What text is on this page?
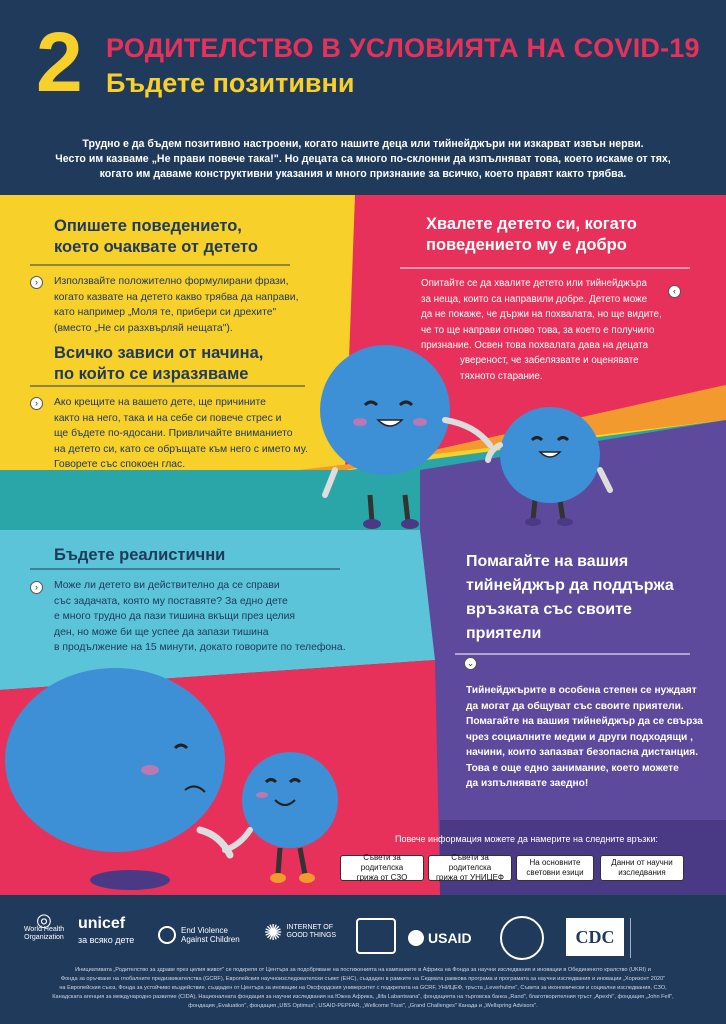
2 РОДИТЕЛСТВО В УСЛОВИЯТА НА COVID-19
Бъдете позитивни
Трудно е да бъдем позитивно настроени, когато нашите деца или тийнейджъри ни изкарват извън нерви.
Често им казваме „Не прави повече така!". Но децата са много по-склонни да изпълняват това, което искаме от тях,
когато им даваме конструктивни указания и много признание за всичко, което правят както трябва.
Опишете поведението,
което очаквате от детето
›	Използвайте положително формулирани фрази,
когато казвате на детето какво трябва да направи,
като например „Моля те, прибери си дрехите"
(вместо „Не си разхвърляй нещата").
Всичко зависи от начина,
по който се изразяваме
›	Ако крещите на вашето дете, ще причините
както на него, така и на себе си повече стрес и
ще бъдете по-ядосани. Привличайте вниманието
на детето си, като се обръщате към него с името му.
Говорете със спокоен глас.
Хвалете детето си, когато
поведението му е добро
‹
Опитайте се да хвалите детето или тийнейджъра
за неща, които са направили добре. Детето може
да не покаже, че държи на похвалата, но ще видите,
че то ще направи отново това, за което е получило
признание. Освен това похвалата дава на децата
увереност, че забелязвате и оценявате
тяхното старание.
Бъдете реалистични
›	Може ли детето ви действително да се справи
със задачата, която му поставяте? За едно дете
е много трудно да пази тишина вкъщи през целия
ден, но може би ще успее да запази тишина
в продължение на 15 минути, докато говорите по телефона.
Помагайте на вашия
тийнейджър да поддържа
връзката със своите
приятели
⌄
Тийнейджърите в особена степен се нуждаят
да могат да общуват със своите приятели.
Помагайте на вашия тийнейджър да се свърза
чрез социалните медии и други подходящи ,
начини, които запазват безопасна дистанция.
Това е още едно занимание, което можете
да изпълнявате заедно!
Повече информация можете да намерите на следните връзки:
Съвети за родителска
грижа от СЗО
Съвети за родителска
грижа от УНИЦЕФ
На основните
световни езици
Данни от научни
изследвания
◎
World Health
Organization
unicef
за всяко дете
End Violence
Against Children ✺ INTERNET OF
GOOD THINGS	USAID	CDC
Инициативата „Родителство за здраве през целия живот" се подкрепя от Центъра за подобряване на постиженията на кампаниите в Африка на Фонда за научни изследвания и иновации в Обединеното кралство (UKRI) и
Фонда за оръчване на глобалните предизвикателства (GCRF), Европейския научноизследователски съвет (ЕНС), създаден в рамките на Седмата рамкова програма и програмата за научни изследвания и иновации „Хоризонт 2020"
на Европейския съюз, Фонда за устойчиво въздействие, създаден от Центъра за иновации на Оксфордския университет с подкрепата на GCRF, УНИЦЕФ, тръста „Leverhulme", Съвета за икономически и социални изследвания, СЗО,
Канадската агенция за международно развитие (CIDA), Националната фондация за научни изследвания на Южна Африка, „Ilifa Labantwana", фондацията на търговска банка „Rand", благотворителния тръст „Apexhi", фондация „John Fell",
фондация „Evaluation", фондация „UBS Optimus", USAID-PEPFAR, „Wellcome Trust", „Grand Challenges" Канада и „Wellspring Advisors".
